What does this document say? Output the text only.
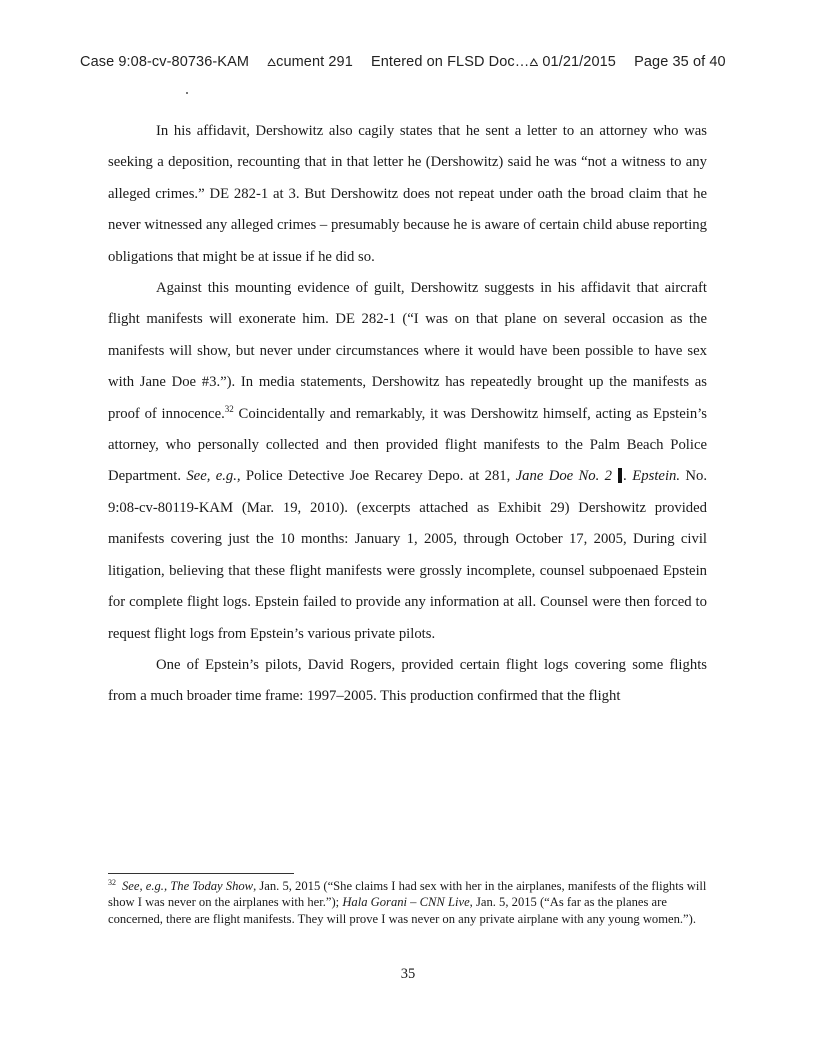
Case 9:08-cv-80736-KAM ⩟cument 291 Entered on FLSD Doc…⩟ 01/21/2015 Page 35 of 40

In his affidavit, Dershowitz also cagily states that he sent a letter to an attorney who was seeking a deposition, recounting that in that letter he (Dershowitz) said he was “not a witness to any alleged crimes.” DE 282-1 at 3. But Dershowitz does not repeat under oath the broad claim that he never witnessed any alleged crimes – presumably because he is aware of certain child abuse reporting obligations that might be at issue if he did so.

Against this mounting evidence of guilt, Dershowitz suggests in his affidavit that aircraft flight manifests will exonerate him. DE 282-1 (“I was on that plane on several occasion as the manifests will show, but never under circumstances where it would have been possible to have sex with Jane Doe #3.”). In media statements, Dershowitz has repeatedly brought up the manifests as proof of innocence.$^{32}$ Coincidentally and remarkably, it was Dershowitz himself, acting as Epstein’s attorney, who personally collected and then provided flight manifests to the Palm Beach Police Department. See, e.g., Police Detective Joe Recarey Depo. at 281, Jane Doe No. 2 . Epstein. No. 9:08-cv-80119-KAM (Mar. 19, 2010). (excerpts attached as Exhibit 29) Dershowitz provided manifests covering just the 10 months: January 1, 2005, through October 17, 2005, During civil litigation, believing that these flight manifests were grossly incomplete, counsel subpoenaed Epstein for complete flight logs. Epstein failed to provide any information at all. Counsel were then forced to request flight logs from Epstein’s various private pilots.

One of Epstein’s pilots, David Rogers, provided certain flight logs covering some flights from a much broader time frame: 1997–2005. This production confirmed that the flight

$^{32}$ See, e.g., The Today Show, Jan. 5, 2015 (“She claims I had sex with her in the airplanes, manifests of the flights will show I was never on the airplanes with her.”); Hala Gorani – CNN Live, Jan. 5, 2015 (“As far as the planes are concerned, there are flight manifests. They will prove I was never on any private airplane with any young women.”).

35
